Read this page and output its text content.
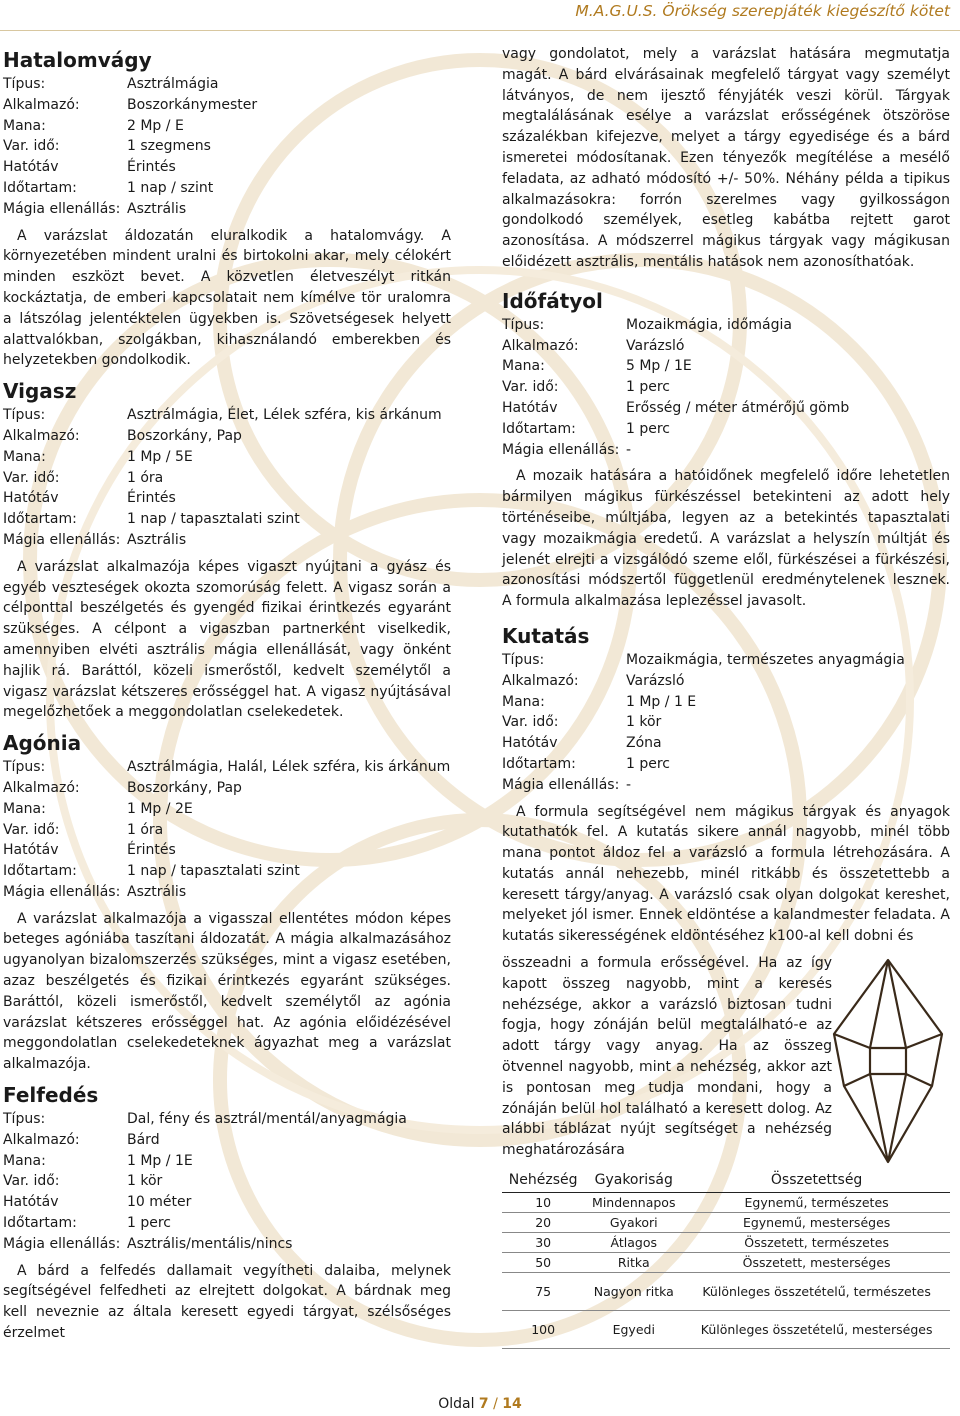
M.A.G.U.S. Örökség szerepjáték kiegészítő kötet
Hatalomvágy
Típus:	Asztrálmágia
Alkalmazó:	Boszorkánymester
Mana:	2 Mp / E
Var. idő:	1 szegmens
Hatótáv	Érintés
Időtartam:	1 nap / szint
Mágia ellenállás: Asztrális

A varázslat áldozatán eluralkodik a hatalomvágy. A környezetében mindent uralni és birtokolni akar, mely célokért minden eszközt bevet. A közvetlen életveszélyt ritkán kockáztatja, de emberi kapcsolatait nem kímélve tör uralomra a látszólag jelentéktelen ügyekben is. Szövetségesek helyett alattvalókban, szolgákban, kihasználandó emberekben és helyzetekben gondolkodik.

Vigasz
Típus:	Asztrálmágia, Élet, Lélek szféra, kis árkánum
Alkalmazó:	Boszorkány, Pap
Mana:	1 Mp / 5E
Var. idő:	1 óra
Hatótáv	Érintés
Időtartam:	1 nap / tapasztalati szint
Mágia ellenállás: Asztrális

A varázslat alkalmazója képes vigaszt nyújtani a gyász és egyéb veszteségek okozta szomorúság felett. A vigasz során a célponttal beszélgetés és gyengéd fizikai érintkezés egyaránt szükséges. A célpont a vigaszban partnerként viselkedik, amennyiben elvéti asztrális mágia ellenállását, vagy önként hajlik rá. Baráttól, közeli ismerőstől, kedvelt személytől a vigasz varázslat kétszeres erősséggel hat. A vigasz nyújtásával megelőzhetőek a meggondolatlan cselekedetek.

Agónia
Típus:	Asztrálmágia, Halál, Lélek szféra, kis árkánum
Alkalmazó:	Boszorkány, Pap
Mana:	1 Mp / 2E
Var. idő:	1 óra
Hatótáv	Érintés
Időtartam:	1 nap / tapasztalati szint
Mágia ellenállás: Asztrális

A varázslat alkalmazója a vigasszal ellentétes módon képes beteges agóniába taszítani áldozatát. A mágia alkalmazásához ugyanolyan bizalomszerzés szükséges, mint a vigasz esetében, azaz beszélgetés és fizikai érintkezés egyaránt szükséges. Baráttól, közeli ismerőstől, kedvelt személytől az agónia varázslat kétszeres erősséggel hat. Az agónia előidézésével meggondolatlan cselekedeteknek ágyazhat meg a varázslat alkalmazója.

Felfedés
Típus:	Dal, fény és asztrál/mentál/anyagmágia
Alkalmazó:	Bárd
Mana:	1 Mp / 1E
Var. idő:	1 kör
Hatótáv	10 méter
Időtartam:	1 perc
Mágia ellenállás: Asztrális/mentális/nincs

A bárd a felfedés dallamait vegyítheti dalaiba, melynek segítségével felfedheti az elrejtett dolgokat. A bárdnak meg kell neveznie az általa keresett egyedi tárgyat, szélsőséges érzelmet

vagy gondolatot, mely a varázslat hatására megmutatja magát. A bárd elvárásainak megfelelő tárgyat vagy személyt látványos, de nem ijesztő fényjáték veszi körül. Tárgyak megtalálásának esélye a varázslat erősségének ötszöröse százalékban kifejezve, melyet a tárgy egyedisége és a bárd ismeretei módosítanak. Ezen tényezők megítélése a mesélő feladata, az adható módosító +/- 50%. Néhány példa a tipikus alkalmazásokra: forrón szerelmes vagy gyilkosságon gondolkodó személyek, esetleg kabátba rejtett garot azonosítása. A módszerrel mágikus tárgyak vagy mágikusan előidézett asztrális, mentális hatások nem azonosíthatóak.

Időfátyol
Típus:	Mozaikmágia, időmágia
Alkalmazó:	Varázsló
Mana:	5 Mp / 1E
Var. idő:	1 perc
Hatótáv	Erősség / méter átmérőjű gömb
Időtartam:	1 perc
Mágia ellenállás: -

A mozaik hatására a hatóidőnek megfelelő időre lehetetlen bármilyen mágikus fürkészéssel betekinteni az adott hely történéseibe, múltjába, legyen az a betekintés tapasztalati vagy mozaikmágia eredetű. A varázslat a helyszín múltját és jelenét elrejti a vizsgálódó szeme elől, fürkészései a fürkészési, azonosítási módszertől függetlenül eredménytelenek lesznek. A formula alkalmazása leplezéssel javasolt.

Kutatás
Típus:	Mozaikmágia, természetes anyagmágia
Alkalmazó:	Varázsló
Mana:	1 Mp / 1 E
Var. idő:	1 kör
Hatótáv	Zóna
Időtartam:	1 perc
Mágia ellenállás: -

A formula segítségével nem mágikus tárgyak és anyagok kutathatók fel. A kutatás sikere annál nagyobb, minél több mana pontot áldoz fel a varázsló a formula létrehozására. A kutatás annál nehezebb, minél ritkább és összetettebb a keresett tárgy/anyag. A varázsló csak olyan dolgokat kereshet, melyeket jól ismer. Ennek eldöntése a kalandmester feladata. A kutatás sikerességének eldöntéséhez k100-al kell dobni és

összeadni a formula erősségével. Ha az így kapott összeg nagyobb, mint a keresés nehézsége, akkor a varázsló biztosan tudni fogja, hogy zónáján belül megtalálható-e az adott tárgy vagy anyag. Ha az összeg ötvennel nagyobb, mint a nehézség, akkor azt is pontosan meg tudja mondani, hogy a zónáján belül hol található a keresett dolog. Az alábbi táblázat nyújt segítséget a nehézség meghatározására

Nehézség	Gyakoriság	Összetettség
10	Mindennapos	Egynemű, természetes
20	Gyakori	Egynemű, mesterséges
30	Átlagos	Összetett, természetes
50	Ritka	Összetett, mesterséges
75	Nagyon ritka	Különleges összetételű, természetes
100	Egyedi	Különleges összetételű, mesterséges
Oldal 7 / 14
